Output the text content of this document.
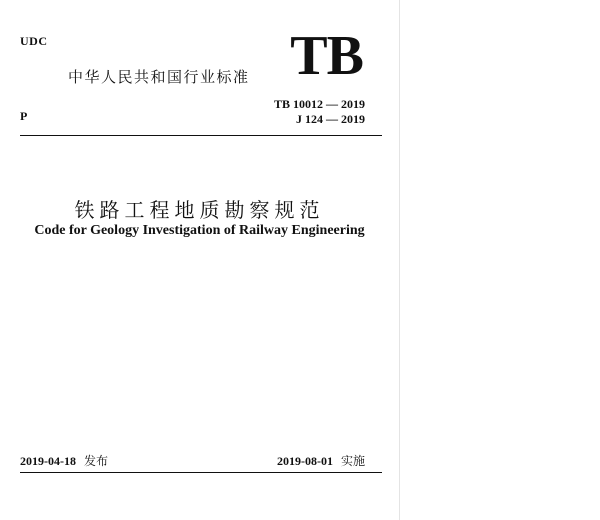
UDC
中华人民共和国行业标准 TB
P
TB 10012 — 2019
J 124 — 2019
铁路工程地质勘察规范
Code for Geology Investigation of Railway Engineering
2019-04-18 发布	2019-08-01 实施
